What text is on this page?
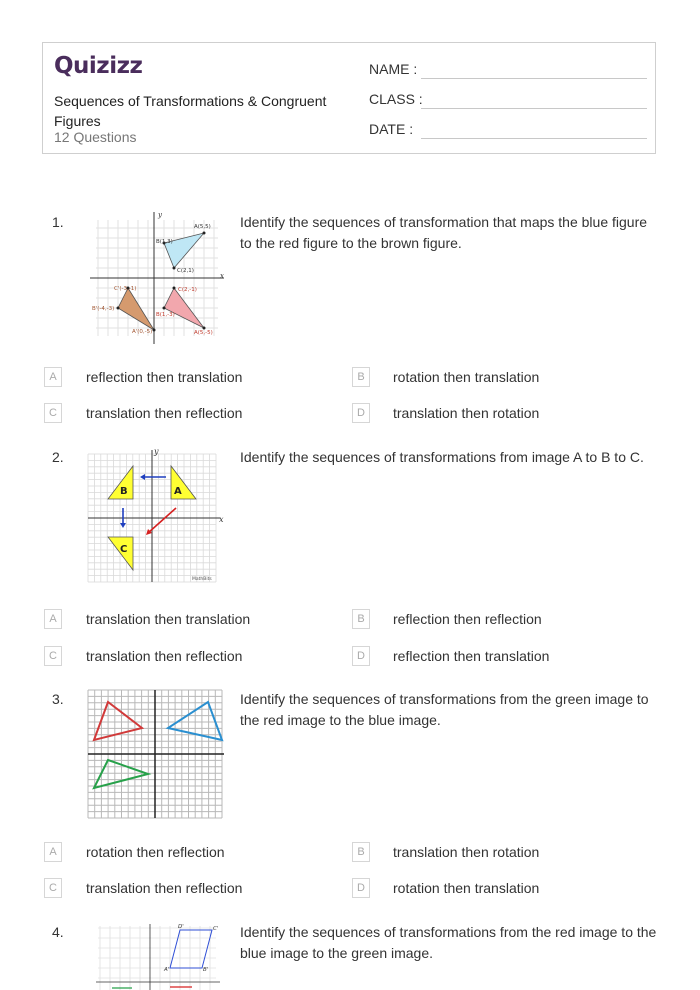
Quizizz
Sequences of Transformations & Congruent Figures
12 Questions
NAME :
CLASS :
DATE :
1.	Identify the sequences of transformation that maps the blue figure to the red figure to the brown figure.
y
x
A(5,5)
B(1,3)
C(2,1)
C'(-3,-1)
B'(-4,-3)
A'(0,-5)
C(2,-1)
B(1,-3)
A(5,-5)
A	reflection then translation	B	rotation then translation
C	translation then reflection	D	translation then rotation
2.	Identify the sequences of transformations from image A to B to C.
y
x
A
B
C
MathBits
A	translation then translation	B	reflection then reflection
C	translation then reflection	D	reflection then translation
3.	Identify the sequences of transformations from the green image to the red image to the blue image.
A	rotation then reflection	B	translation then rotation
C	translation then reflection	D	rotation then translation
4.	Identify the sequences of transformations from the red image to the blue image to the green image.
D'	C'
A'	B'
